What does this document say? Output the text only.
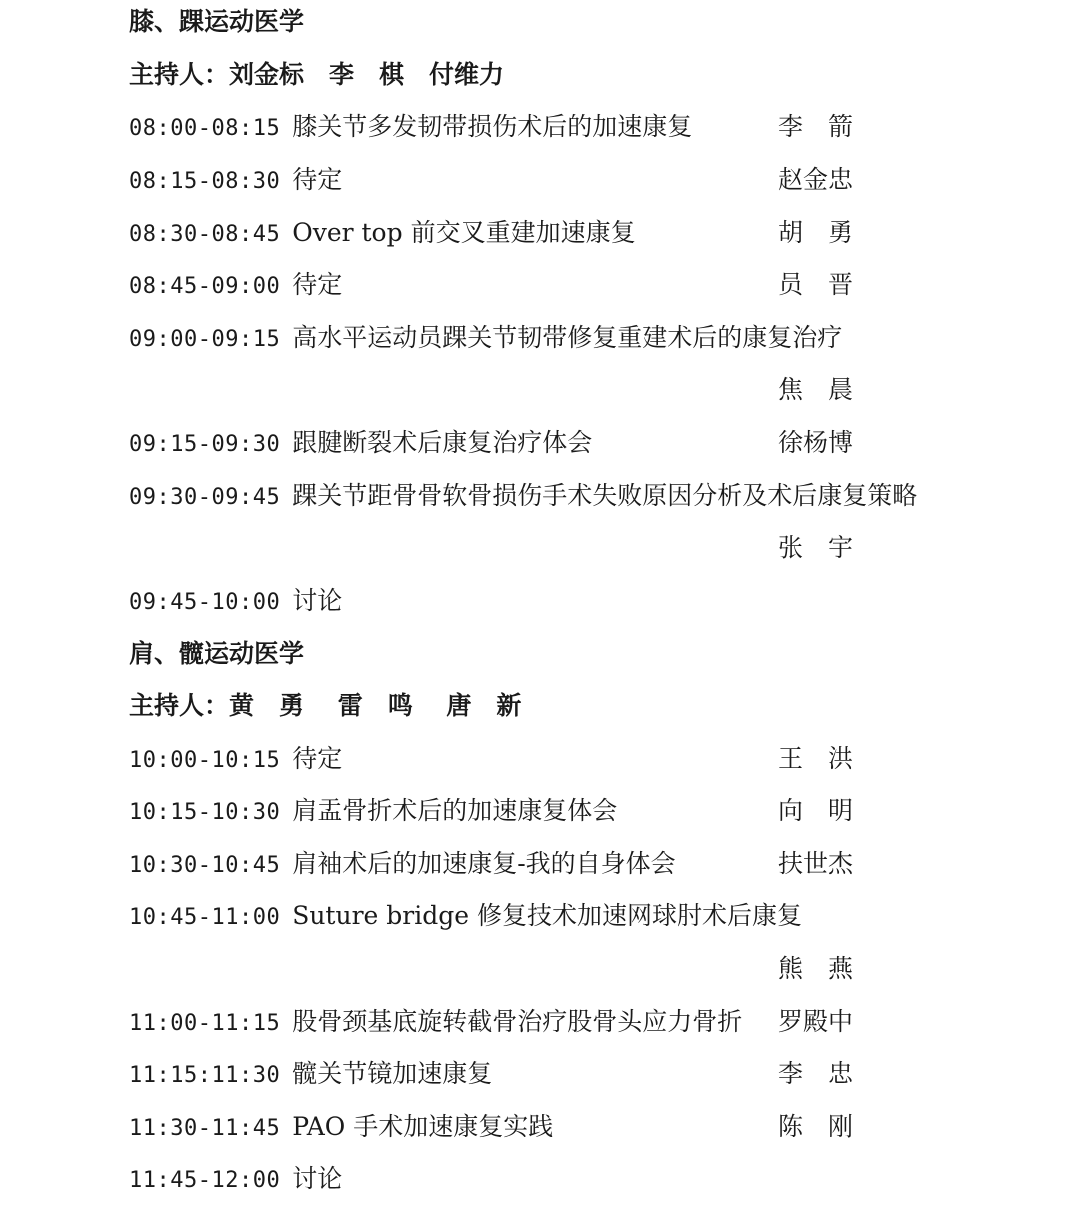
膝、踝运动医学
主持人：刘金标　李　棋　付维力
08:00-08:15 膝关节多发韧带损伤术后的加速康复	李　箭
08:15-08:30 待定	赵金忠
08:30-08:45 Over top 前交叉重建加速康复	胡　勇
08:45-09:00 待定	员　晋
09:00-09:15 高水平运动员踝关节韧带修复重建术后的康复治疗
焦　晨
09:15-09:30 跟腱断裂术后康复治疗体会	徐杨博
09:30-09:45 踝关节距骨骨软骨损伤手术失败原因分析及术后康复策略
张　宇
09:45-10:00 讨论
肩、髋运动医学
主持人：黄　勇　 雷　鸣　 唐　新
10:00-10:15 待定	王　洪
10:15-10:30 肩盂骨折术后的加速康复体会	向　明
10:30-10:45 肩袖术后的加速康复-我的自身体会	扶世杰
10:45-11:00 Suture bridge 修复技术加速网球肘术后康复
熊　燕
11:00-11:15 股骨颈基底旋转截骨治疗股骨头应力骨折 罗殿中
11:15:11:30 髋关节镜加速康复	李　忠
11:30-11:45 PAO 手术加速康复实践	陈　刚
11:45-12:00 讨论
